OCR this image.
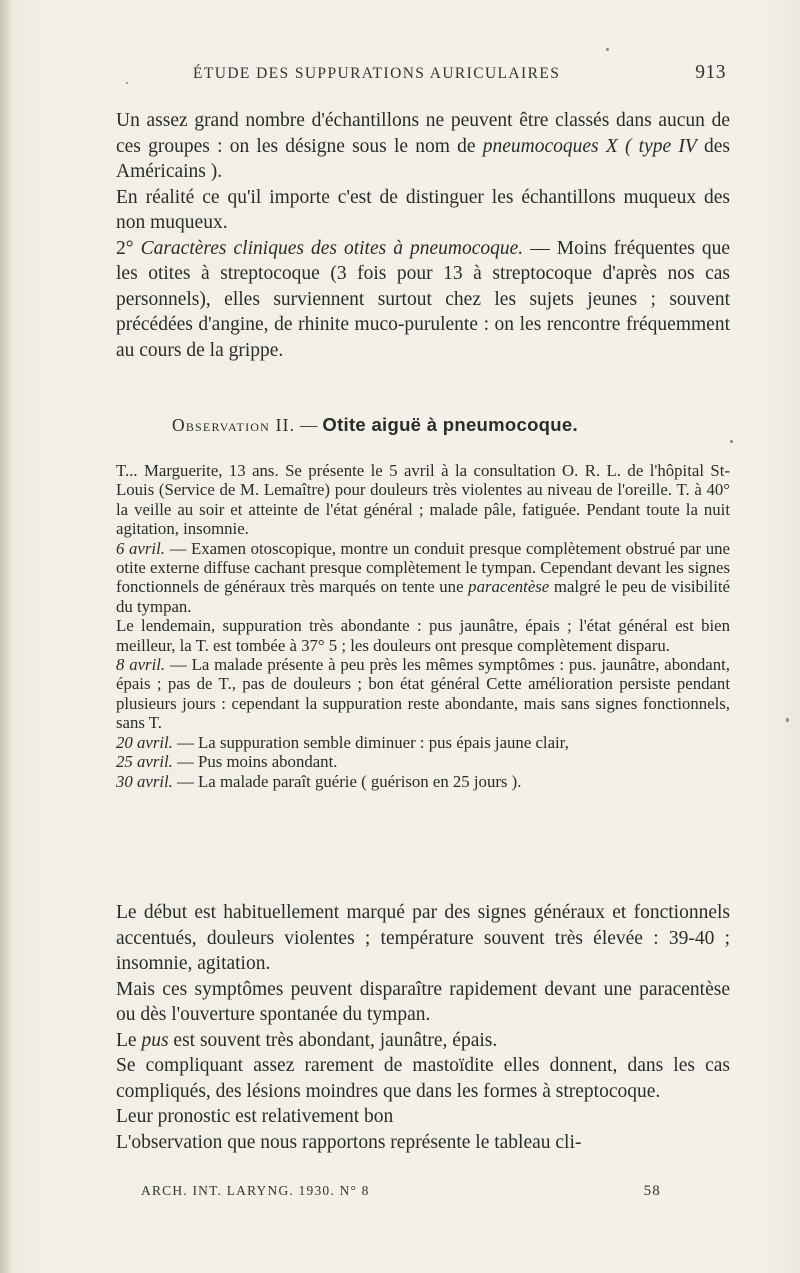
ÉTUDE DES SUPPURATIONS AURICULAIRES	913

Un assez grand nombre d'échantillons ne peuvent être classés dans aucun de ces groupes : on les désigne sous le nom de pneumocoques X ( type IV des Américains ).

En réalité ce qu'il importe c'est de distinguer les échantillons muqueux des non muqueux.

2° Caractères cliniques des otites à pneumocoque. — Moins fréquentes que les otites à streptocoque (3 fois pour 13 à streptocoque d'après nos cas personnels), elles surviennent surtout chez les sujets jeunes ; souvent précédées d'angine, de rhinite muco-purulente : on les rencontre fréquemment au cours de la grippe.

Observation II. — Otite aiguë à pneumocoque.

T... Marguerite, 13 ans. Se présente le 5 avril à la consultation O. R. L. de l'hôpital St-Louis (Service de M. Lemaître) pour douleurs très violentes au niveau de l'oreille. T. à 40° la veille au soir et atteinte de l'état général ; malade pâle, fatiguée. Pendant toute la nuit agitation, insomnie.

6 avril. — Examen otoscopique, montre un conduit presque complètement obstrué par une otite externe diffuse cachant presque complètement le tympan. Cependant devant les signes fonctionnels de généraux très marqués on tente une paracentèse malgré le peu de visibilité du tympan.

Le lendemain, suppuration très abondante : pus jaunâtre, épais ; l'état général est bien meilleur, la T. est tombée à 37° 5 ; les douleurs ont presque complètement disparu.

8 avril. — La malade présente à peu près les mêmes symptômes : pus. jaunâtre, abondant, épais ; pas de T., pas de douleurs ; bon état général Cette amélioration persiste pendant plusieurs jours : cependant la suppuration reste abondante, mais sans signes fonctionnels, sans T.

20 avril. — La suppuration semble diminuer : pus épais jaune clair,

25 avril. — Pus moins abondant.

30 avril. — La malade paraît guérie ( guérison en 25 jours ).

Le début est habituellement marqué par des signes généraux et fonctionnels accentués, douleurs violentes ; température souvent très élevée : 39-40 ; insomnie, agitation.

Mais ces symptômes peuvent disparaître rapidement devant une paracentèse ou dès l'ouverture spontanée du tympan.

Le pus est souvent très abondant, jaunâtre, épais.

Se compliquant assez rarement de mastoïdite elles donnent, dans les cas compliqués, des lésions moindres que dans les formes à streptocoque.

Leur pronostic est relativement bon

L'observation que nous rapportons représente le tableau cli-

ARCH. INT. LARYNG. 1930. N° 8	58
